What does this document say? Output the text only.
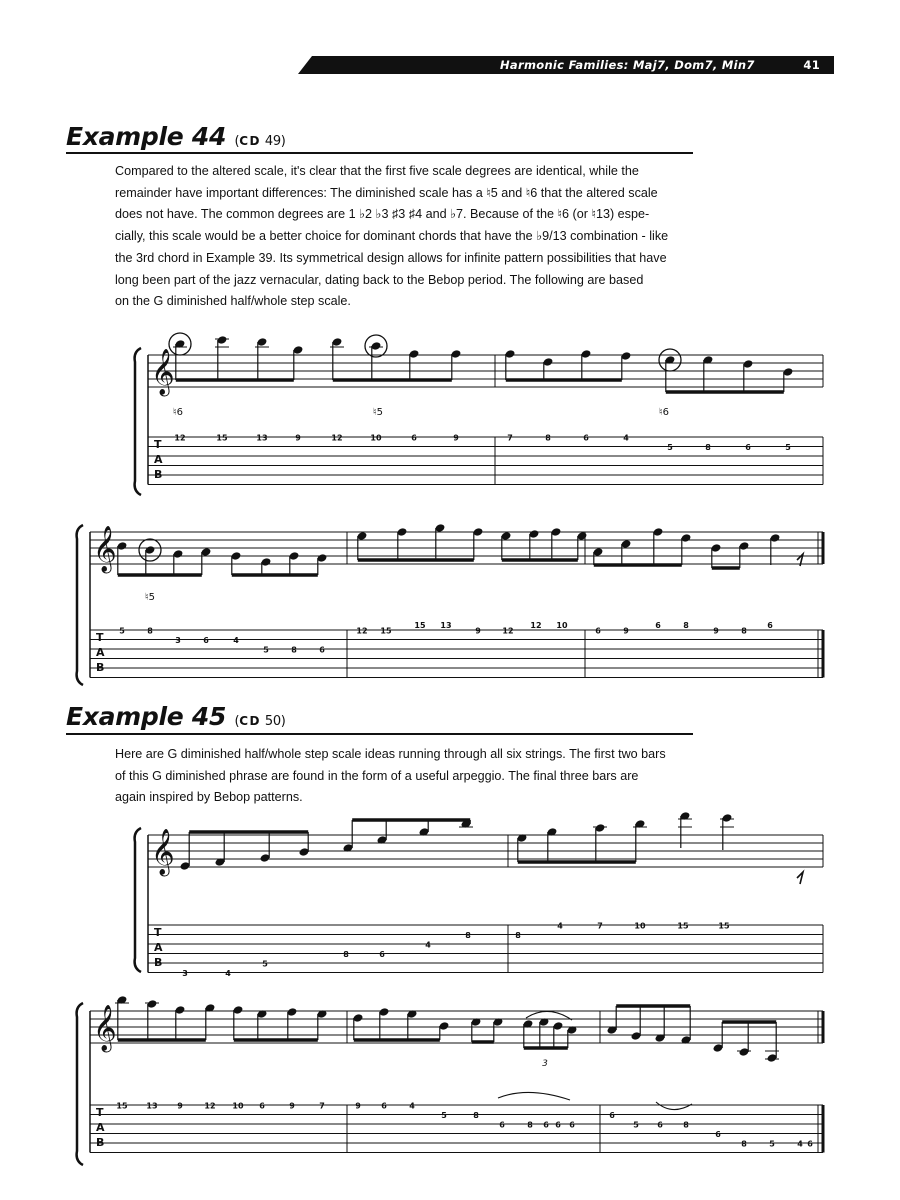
Harmonic Families: Maj7, Dom7, Min7	41
Example 44 (CD 49)
Compared to the altered scale, it's clear that the first five scale degrees are identical, while the
remainder have important differences: The diminished scale has a ♮5 and ♮6 that the altered scale
does not have. The common degrees are 1 ♭2 ♭3 ♯3 ♯4 and ♭7. Because of the ♮6 (or ♮13) espe-
cially, this scale would be a better choice for dominant chords that have the ♭9/13 combination - like
the 3rd chord in Example 39. Its symmetrical design allows for infinite pattern possibilities that have
long been part of the jazz vernacular, dating back to the Bebop period. The following are based
on the G diminished half/whole step scale.
Example 45 (CD 50)
Here are G diminished half/whole step scale ideas running through all six strings. The first two bars
of this G diminished phrase are found in the form of a useful arpeggio. The final three bars are
again inspired by Bebop patterns.
𝄞
T
A
B
𝄞
T
A
B
𝄞
T
A
B
𝄞
T
A
B
12	15	13	9	12	10	6	9	7	8	6	4
5	8	6	5
5	8
3	6	4
5	8	6
12 15
15 13
9	12
12 10
6	9
6	8
9	8
6
3	4
5
8	6
4
8	8
4	7	10	15	15
15 13 9	12 10 6	9	7	9	6	4
5	8
6	8 6 6 6
6
5 6	8
6
8	5	4 6
♮6	♮5	♮6
♮5
3
